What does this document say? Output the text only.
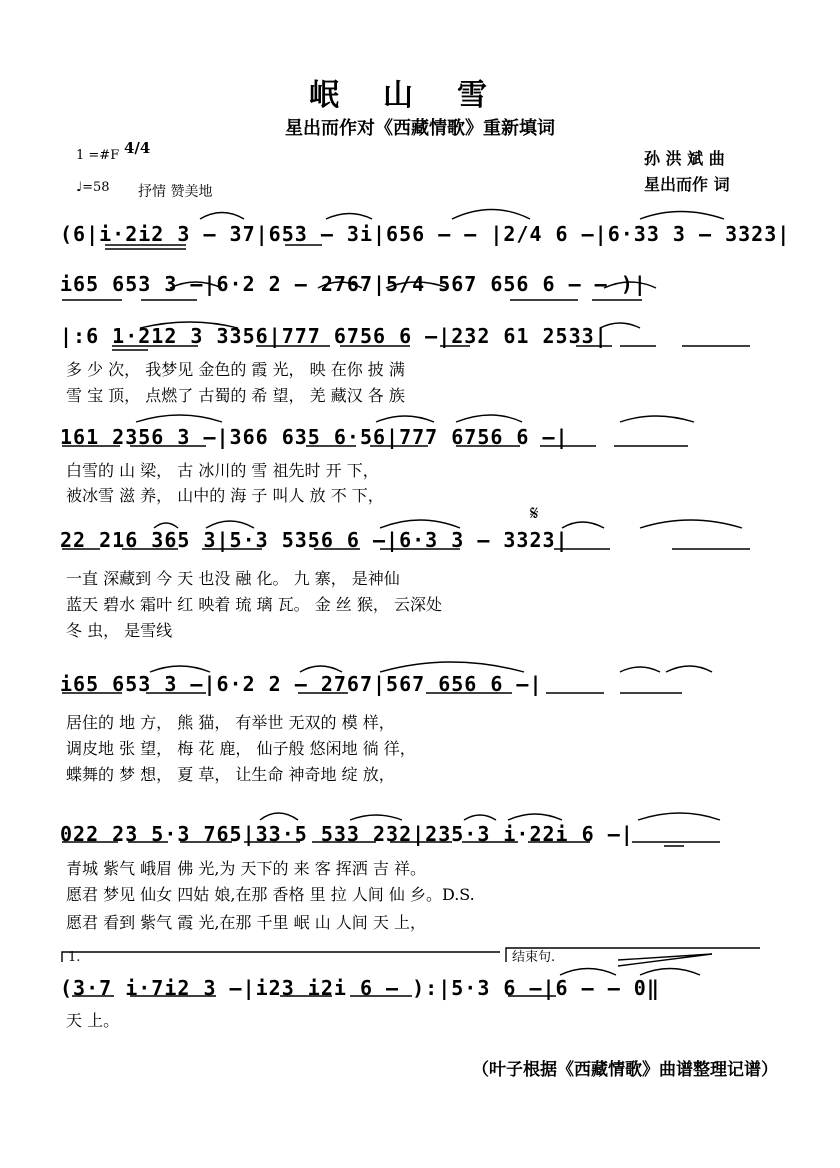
𝄋
岷山雪
星出而作对《西藏情歌》重新填词
1 =#F 4/4
♩=58 抒情 赞美地
孙 洪 斌 曲
星出而作 词
(6|i·2i2 3 — 37|653 — 3i|656 — — |2/4 6 —|6·33 3 — 3323|
i65 653 3 —|6·2 2 — 2767|5/4 567 656 6 — — )|
|:6 1·212 3 3356|777 6756 6 —|232 61 2533|
多 少 次， 我梦见 金色的 霞 光， 映 在你 披 满
雪 宝 顶， 点燃了 古蜀的 希 望， 羌 藏汉 各 族
161 2356 3 —|366 635 6·56|777 6756 6 —|
白雪的 山 梁， 古 冰川的 雪 祖先时 开 下，
被冰雪 滋 养， 山中的 海 子 叫人 放 不 下，
22 216 365 3|5·3 5356 6 —|6·3 3 — 3323|
一直 深藏到 今 天 也没 融 化。 九 寨， 是神仙
蓝天 碧水 霜叶 红 映着 琉 璃 瓦。 金 丝 猴， 云深处
冬 虫， 是雪线
i65 653 3 —|6·2 2 — 2767|567 656 6 —|
居住的 地 方， 熊 猫， 有举世 无双的 模 样，
调皮地 张 望， 梅 花 鹿， 仙子般 悠闲地 徜 徉，
蝶舞的 梦 想， 夏 草， 让生命 神奇地 绽 放，
022 23 5·3 765|33·5 533 232|235·3 i·22i 6 —|
青城 紫气 峨眉 佛 光,为 天下的 来 客 挥洒 吉 祥。
愿君 梦见 仙女 四姑 娘,在那 香格 里 拉 人间 仙 乡。D.S.
愿君 看到 紫气 霞 光,在那 千里 岷 山 人间 天 上，
1.	结束句.
(3·7 i·7i2 3 —|i23 i2i 6 — ):|5·3 6 —|6 — — 0‖
天 上。
（叶子根据《西藏情歌》曲谱整理记谱）
